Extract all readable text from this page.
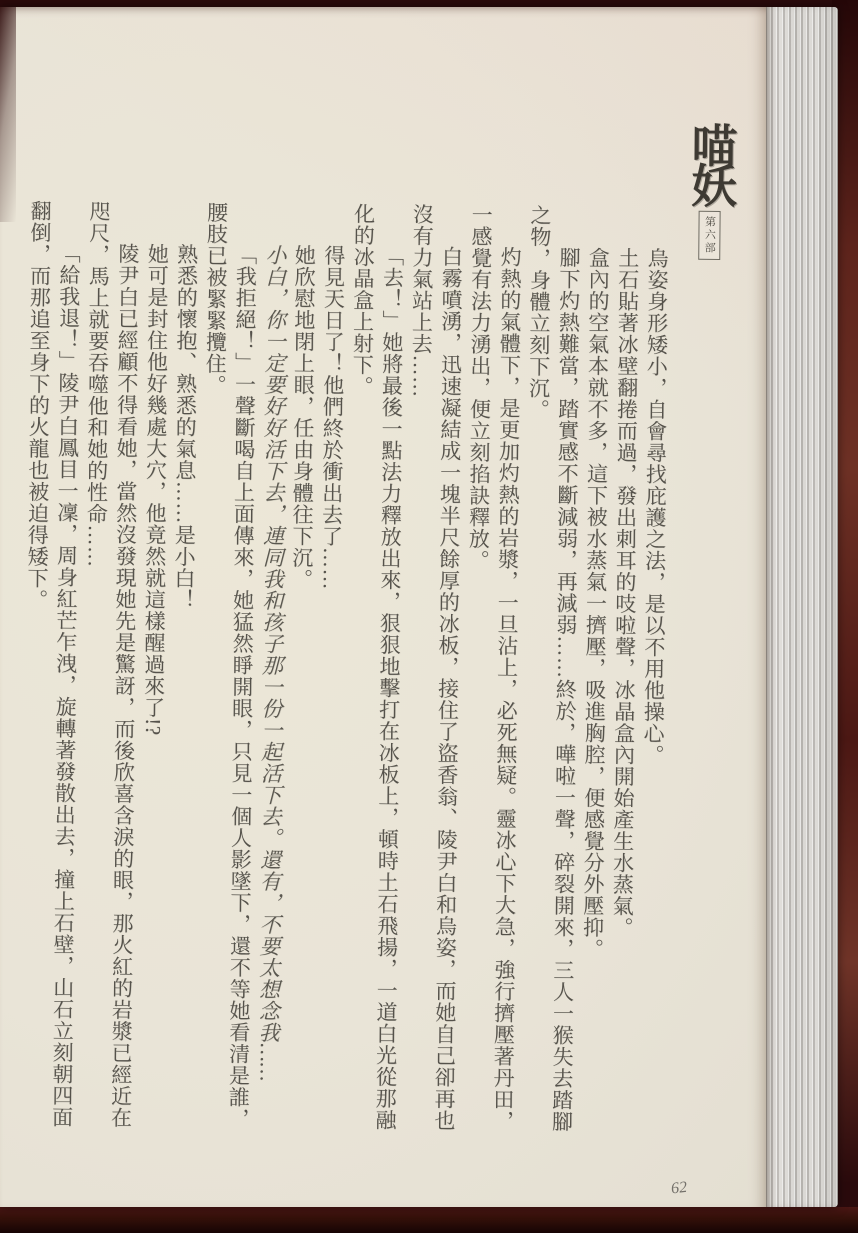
喵妖
第六部

烏姿身形矮小，自會尋找庇護之法，是以不用他操心。

土石貼著冰壁翻捲而過，發出刺耳的吱啦聲，冰晶盒內開始產生水蒸氣。

盒內的空氣本就不多，這下被水蒸氣一擠壓，吸進胸腔，便感覺分外壓抑。

腳下灼熱難當，踏實感不斷減弱，再減弱……終於，嘩啦一聲，碎裂開來，三人一猴失去踏腳之物，身體立刻下沉。

灼熱的氣體下，是更加灼熱的岩漿，一旦沾上，必死無疑。靈冰心下大急，強行擠壓著丹田，一感覺有法力湧出，便立刻掐訣釋放。

白霧噴湧，迅速凝結成一塊半尺餘厚的冰板，接住了盜香翁、陵尹白和烏姿，而她自己卻再也沒有力氣站上去……

「去！」她將最後一點法力釋放出來，狠狠地擊打在冰板上，頓時土石飛揚，一道白光從那融化的冰晶盒上射下。

得見天日了！他們終於衝出去了……

她欣慰地閉上眼，任由身體往下沉。

小白，你一定要好好活下去，連同我和孩子那一份一起活下去。還有，不要太想念我……

「我拒絕！」一聲斷喝自上面傳來，她猛然睜開眼，只見一個人影墜下，還不等她看清是誰，腰肢已被緊緊攬住。

熟悉的懷抱、熟悉的氣息……是小白！

她可是封住他好幾處大穴，他竟然就這樣醒過來了!?

陵尹白已經顧不得看她，當然沒發現她先是驚訝，而後欣喜含淚的眼，那火紅的岩漿已經近在咫尺，馬上就要吞噬他和她的性命……

「給我退！」陵尹白鳳目一凜，周身紅芒乍洩，旋轉著發散出去，撞上石壁，山石立刻朝四面翻倒，而那追至身下的火龍也被迫得矮下。

62
